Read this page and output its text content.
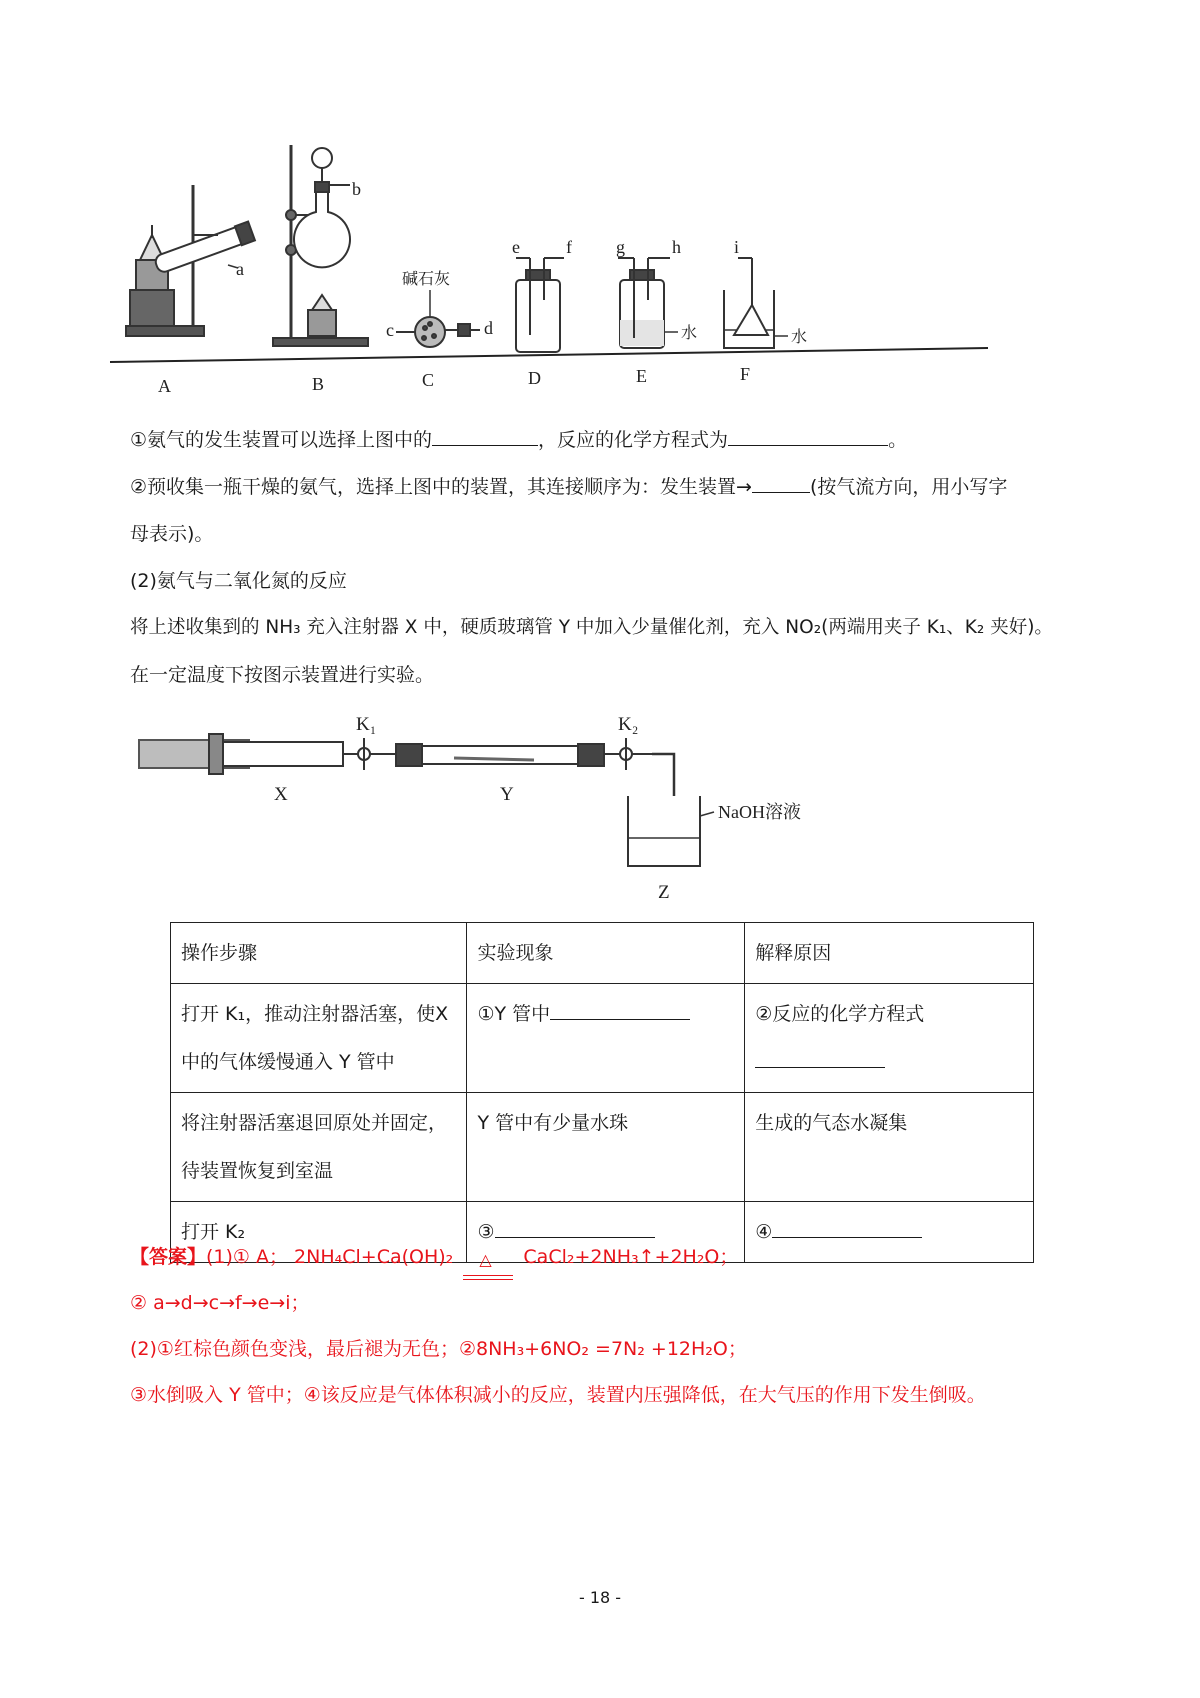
A	B	C	D	E	F
a
b
c	d
e	f g	h	i
碱石灰
水	水
①氨气的发生装置可以选择上图中的	，反应的化学方程式为	。
②预收集一瓶干燥的氨气，选择上图中的装置，其连接顺序为：发生装置→	(按气流方向，用小写字
母表示)。
(2)氨气与二氧化氮的反应
将上述收集到的 NH₃ 充入注射器 X 中，硬质玻璃管 Y 中加入少量催化剂，充入 NO₂(两端用夹子 K₁、K₂ 夹好)。
在一定温度下按图示装置进行实验。
K₁	K₂
X	Y
Z
NaOH溶液
操作步骤	实验现象	解释原因
打开 K₁，推动注射器活塞，使X 中的气体缓慢通入 Y 管中	①Y 管中	②反应的化学方程式

将注射器活塞退回原处并固定，待装置恢复到室温	Y 管中有少量水珠	生成的气态水凝集
打开 K₂	③	④
【答案】(1)① A； 2NH₄Cl+Ca(OH)₂ △ CaCl₂+2NH₃↑+2H₂O；
② a→d→c→f→e→i；
(2)①红棕色颜色变浅，最后褪为无色；②8NH₃+6NO₂ =7N₂ +12H₂O；
③水倒吸入 Y 管中；④该反应是气体体积减小的反应，装置内压强降低，在大气压的作用下发生倒吸。
- 18 -
